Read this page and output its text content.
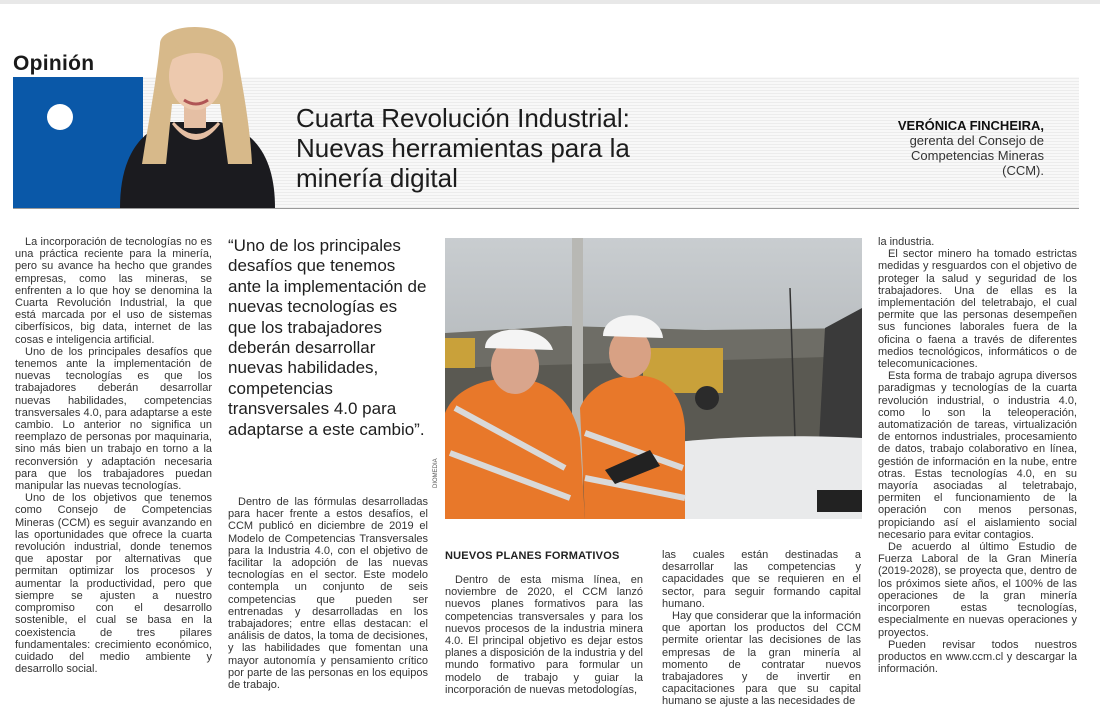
Opinión
Cuarta Revolución Industrial:
Nuevas herramientas para la
minería digital
VERÓNICA FINCHEIRA,
gerenta del Consejo de
Competencias Mineras
(CCM).

La incorporación de tecnologías no es una práctica reciente para la minería, pero su avance ha hecho que grandes empresas, como las mineras, se enfrenten a lo que hoy se denomina la Cuarta Revolución Industrial, la que está marcada por el uso de sistemas ciberfísicos, big data, internet de las cosas e inteligencia artificial.

Uno de los principales desafíos que tenemos ante la implementación de nuevas tecnologías es que los trabajadores deberán desarrollar nuevas habilidades, competencias transversales 4.0, para adaptarse a este cambio. Lo anterior no significa un reemplazo de personas por maquinaria, sino más bien un trabajo en torno a la reconversión y adaptación necesaria para que los trabajadores puedan manipular las nuevas tecnologías.

Uno de los objetivos que tenemos como Consejo de Competencias Mineras (CCM) es seguir avanzando en las oportunidades que ofrece la cuarta revolución industrial, donde tenemos que apostar por alternativas que permitan optimizar los procesos y aumentar la productividad, pero que siempre se ajusten a nuestro compromiso con el desarrollo sostenible, el cual se basa en la coexistencia de tres pilares fundamentales: crecimiento económico, cuidado del medio ambiente y desarrollo social.

“Uno de los principales desafíos que tenemos ante la implementación de nuevas tecnologías es que los trabajadores deberán desarrollar nuevas habilidades, competencias transversales 4.0 para adaptarse a este cambio”.

Dentro de las fórmulas desarrolladas para hacer frente a estos desafíos, el CCM publicó en diciembre de 2019 el Modelo de Competencias Transversales para la Industria 4.0, con el objetivo de facilitar la adopción de las nuevas tecnologías en el sector. Este modelo contempla un conjunto de seis competencias que pueden ser entrenadas y desarrolladas en los trabajadores; entre ellas destacan: el análisis de datos, la toma de decisiones, y las habilidades que fomentan una mayor autonomía y pensamiento crítico por parte de las personas en los equipos de trabajo.

DIOMEDIA
NUEVOS PLANES FORMATIVOS

Dentro de esta misma línea, en noviembre de 2020, el CCM lanzó nuevos planes formativos para las competencias transversales y para los nuevos procesos de la industria minera 4.0. El principal objetivo es dejar estos planes a disposición de la industria y del mundo formativo para formular un modelo de trabajo y guiar la incorporación de nuevas metodologías,

las cuales están destinadas a desarrollar las competencias y capacidades que se requieren en el sector, para seguir formando capital humano.

Hay que considerar que la información que aportan los productos del CCM permite orientar las decisiones de las empresas de la gran minería al momento de contratar nuevos trabajadores y de invertir en capacitaciones para que su capital humano se ajuste a las necesidades de

la industria.

El sector minero ha tomado estrictas medidas y resguardos con el objetivo de proteger la salud y seguridad de los trabajadores. Una de ellas es la implementación del teletrabajo, el cual permite que las personas desempeñen sus funciones laborales fuera de la oficina o faena a través de diferentes medios tecnológicos, informáticos o de telecomunicaciones.

Esta forma de trabajo agrupa diversos paradigmas y tecnologías de la cuarta revolución industrial, o industria 4.0, como lo son la teleoperación, automatización de tareas, virtualización de entornos industriales, procesamiento de datos, trabajo colaborativo en línea, gestión de información en la nube, entre otras. Estas tecnologías 4.0, en su mayoría asociadas al teletrabajo, permiten el funcionamiento de la operación con menos personas, propiciando así el aislamiento social necesario para evitar contagios.

De acuerdo al último Estudio de Fuerza Laboral de la Gran Minería (2019-2028), se proyecta que, dentro de los próximos siete años, el 100% de las operaciones de la gran minería incorporen estas tecnologías, especialmente en nuevas operaciones y proyectos.

Pueden revisar todos nuestros productos en www.ccm.cl y descargar la información.
